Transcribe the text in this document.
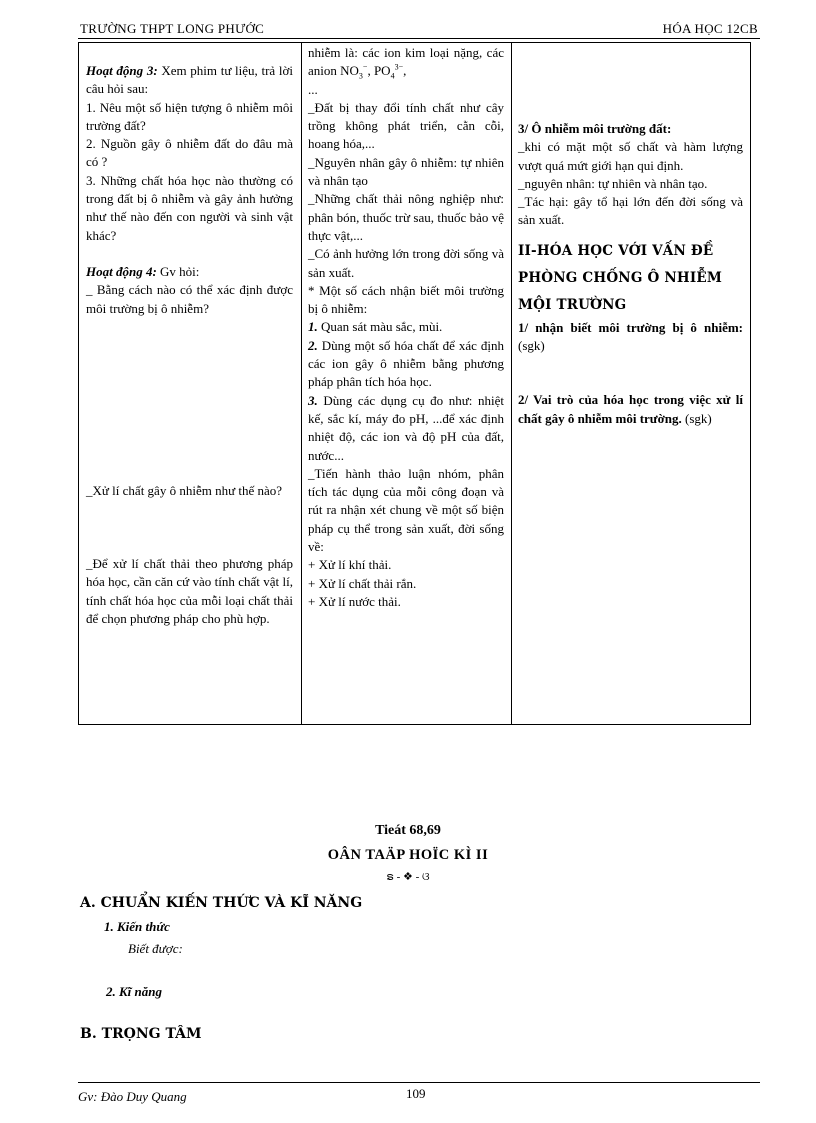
TRƯỜNG THPT LONG PHƯỚC	HÓA HỌC 12CB

Hoạt động 3: Xem phim tư liệu, trả lời câu hỏi sau:

1. Nêu một số hiện tượng ô nhiễm môi trường đất?

2. Nguồn gây ô nhiễm đất do đâu mà có ?

3. Những chất hóa học nào thường có trong đất bị ô nhiễm và gây ảnh hưởng như thế nào đến con người và sinh vật khác?

Hoạt động 4: Gv hỏi:

_ Bằng cách nào có thể xác định được môi trường bị ô nhiễm?

_Xử lí chất gây ô nhiễm như thế nào?

_Để xử lí chất thải theo phương pháp hóa học, cần căn cứ vào tính chất vật lí, tính chất hóa học của mỗi loại chất thải để chọn phương pháp cho phù hợp.

nhiễm là: các ion kim loại nặng, các anion $NO_3^-$, $PO_4^{3-}$,

...

_Đất bị thay đổi tính chất như cây trồng không phát triển, cằn cỗi, hoang hóa,...

_Nguyên nhân gây ô nhiễm: tự nhiên và nhân tạo

_Những chất thải nông nghiệp như: phân bón, thuốc trừ sau, thuốc bảo vệ thực vật,...

_Có ảnh hưởng lớn trong đời sống và sản xuất.

* Một số cách nhận biết môi trường bị ô nhiễm:

1. Quan sát màu sắc, mùi.

2. Dùng một số hóa chất để xác định các ion gây ô nhiễm bằng phương pháp phân tích hóa học.

3. Dùng các dụng cụ đo như: nhiệt kế, sắc kí, máy đo pH, ...để xác định nhiệt độ, các ion và độ pH của đất, nước...

_Tiến hành thảo luận nhóm, phân tích tác dụng của mỗi công đoạn và rút ra nhận xét chung về một số biện pháp cụ thể trong sản xuất, đời sống về:

+ Xử lí khí thải.

+ Xử lí chất thải rắn.

+ Xử lí nước thải.

3/ Ô nhiễm môi trường đất:

_khi có mặt một số chất và hàm lượng vượt quá mứt giới hạn qui định.

_nguyên nhân: tự nhiên và nhân tạo.

_Tác hại: gây tổ hại lớn đến đời sống và sản xuất.

II-HÓA HỌC VỚI VẤN ĐỀ PHÒNG CHỐNG Ô NHIỄM MỘI TRƯỜNG

1/ nhận biết môi trường bị ô nhiễm: (sgk)

2/ Vai trò của hóa học trong việc xử lí chất gây ô nhiễm môi trường. (sgk)

Tieát 68,69
OÂN TAÄP HOÏC KÌ II
ຣ - ❖ - ଓ
A. CHUẨN KIẾN THỨC VÀ KĨ NĂNG
1. Kiến thức
Biết được:
2. Kĩ năng
B. TRỌNG TÂM
Gv: Đào Duy Quang	109
